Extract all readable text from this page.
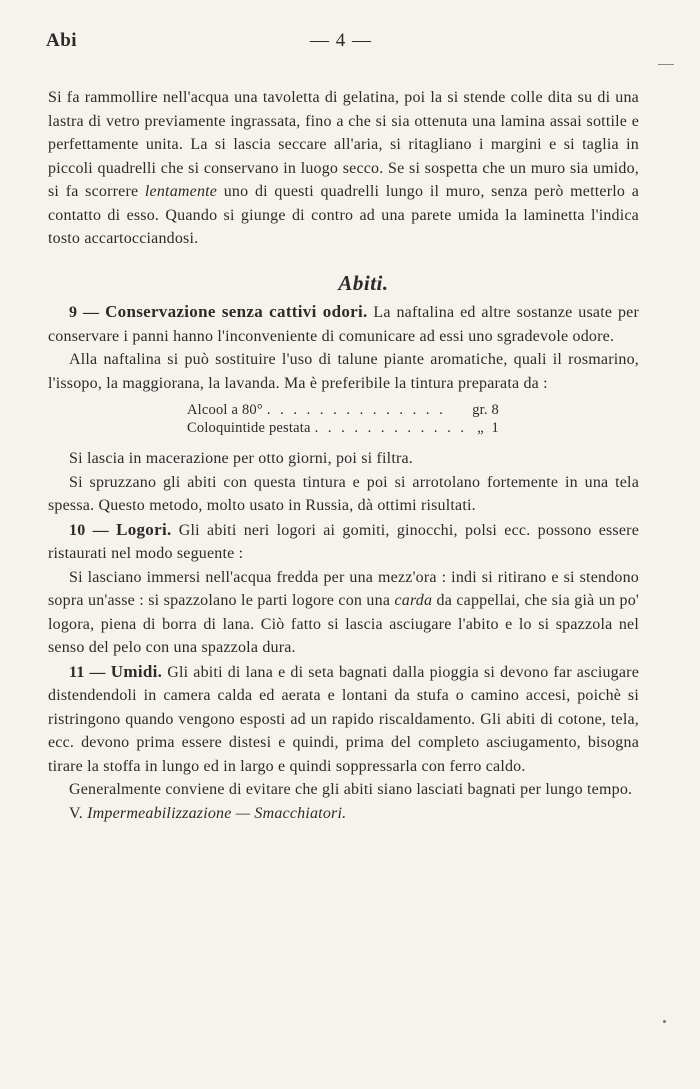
Abi	— 4 —

Si fa rammollire nell'acqua una tavoletta di gelatina, poi la si stende colle dita su di una lastra di vetro previamente ingrassata, fino a che si sia ottenuta una lamina assai sottile e perfettamente unita. La si lascia seccare all'aria, si ritagliano i margini e si taglia in piccoli quadrelli che si conservano in luogo secco. Se si sospetta che un muro sia umido, si fa scorrere lentamente uno di questi quadrelli lungo il muro, senza però metterlo a contatto di esso. Quando si giunge di contro ad una parete umida la laminetta l'indica tosto accartocciandosi.

Abiti.

9 — Conservazione senza cattivi odori. La naftalina ed altre sostanze usate per conservare i panni hanno l'inconveniente di comunicare ad essi uno sgradevole odore.

Alla naftalina si può sostituire l'uso di talune piante aromatiche, quali il rosmarino, l'issopo, la maggiorana, la lavanda. Ma è preferibile la tintura preparata da :

Alcool a 80° . . . . . . . . . . . . . .	gr. 8
Coloquintide pestata . . . . . . . . . . . . „  1

Si lascia in macerazione per otto giorni, poi si filtra.

Si spruzzano gli abiti con questa tintura e poi si arrotolano fortemente in una tela spessa. Questo metodo, molto usato in Russia, dà ottimi risultati.

10 — Logori. Gli abiti neri logori ai gomiti, ginocchi, polsi ecc. possono essere ristaurati nel modo seguente :

Si lasciano immersi nell'acqua fredda per una mezz'ora : indi si ritirano e si stendono sopra un'asse : si spazzolano le parti logore con una carda da cappellai, che sia già un po' logora, piena di borra di lana. Ciò fatto si lascia asciugare l'abito e lo si spazzola nel senso del pelo con una spazzola dura.

11 — Umidi. Gli abiti di lana e di seta bagnati dalla pioggia si devono far asciugare distendendoli in camera calda ed aerata e lontani da stufa o camino accesi, poichè si ristringono quando vengono esposti ad un rapido riscaldamento. Gli abiti di cotone, tela, ecc. devono prima essere distesi e quindi, prima del completo asciugamento, bisogna tirare la stoffa in lungo ed in largo e quindi soppressarla con ferro caldo.

Generalmente conviene di evitare che gli abiti siano lasciati bagnati per lungo tempo.

V. Impermeabilizzazione — Smacchiatori.
